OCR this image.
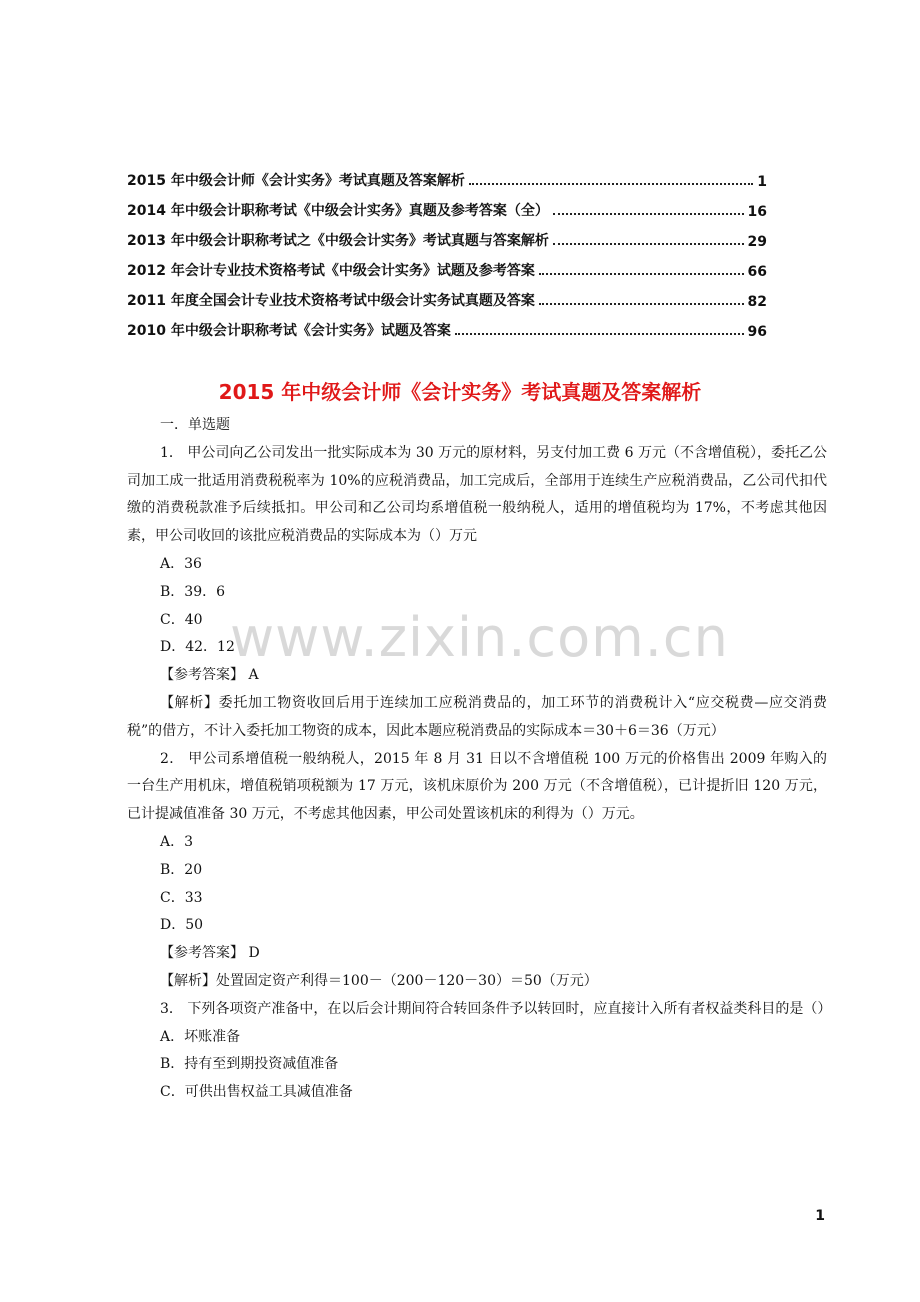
2015 年中级会计师《会计实务》考试真题及答案解析	1
2014 年中级会计职称考试《中级会计实务》真题及参考答案（全）	16
2013 年中级会计职称考试之《中级会计实务》考试真题与答案解析	29
2012 年会计专业技术资格考试《中级会计实务》试题及参考答案	66
2011 年度全国会计专业技术资格考试中级会计实务试真题及答案	82
2010 年中级会计职称考试《会计实务》试题及答案	96
2015 年中级会计师《会计实务》考试真题及答案解析
www.zixin.com.cn
一．单选题
1． 甲公司向乙公司发出一批实际成本为 30 万元的原材料，另支付加工费 6 万元（不含增值税），委托乙公司加工成一批适用消费税税率为 10%的应税消费品，加工完成后，全部用于连续生产应税消费品，乙公司代扣代缴的消费税款准予后续抵扣。甲公司和乙公司均系增值税一般纳税人，适用的增值税均为 17%，不考虑其他因素，甲公司收回的该批应税消费品的实际成本为（）万元
A．36
B．39．6
C．40
D．42．12
【参考答案】 A
【解析】委托加工物资收回后用于连续加工应税消费品的，加工环节的消费税计入“应交税费—应交消费税”的借方，不计入委托加工物资的成本，因此本题应税消费品的实际成本＝30＋6＝36（万元）
2． 甲公司系增值税一般纳税人，2015 年 8 月 31 日以不含增值税 100 万元的价格售出 2009 年购入的一台生产用机床，增值税销项税额为 17 万元，该机床原价为 200 万元（不含增值税），已计提折旧 120 万元，已计提减值准备 30 万元，不考虑其他因素，甲公司处置该机床的利得为（）万元。
A．3
B．20
C．33
D．50
【参考答案】 D
【解析】处置固定资产利得＝100－（200－120－30）＝50（万元）
3． 下列各项资产准备中，在以后会计期间符合转回条件予以转回时，应直接计入所有者权益类科目的是（）
A．坏账准备
B．持有至到期投资减值准备
C．可供出售权益工具减值准备
1
